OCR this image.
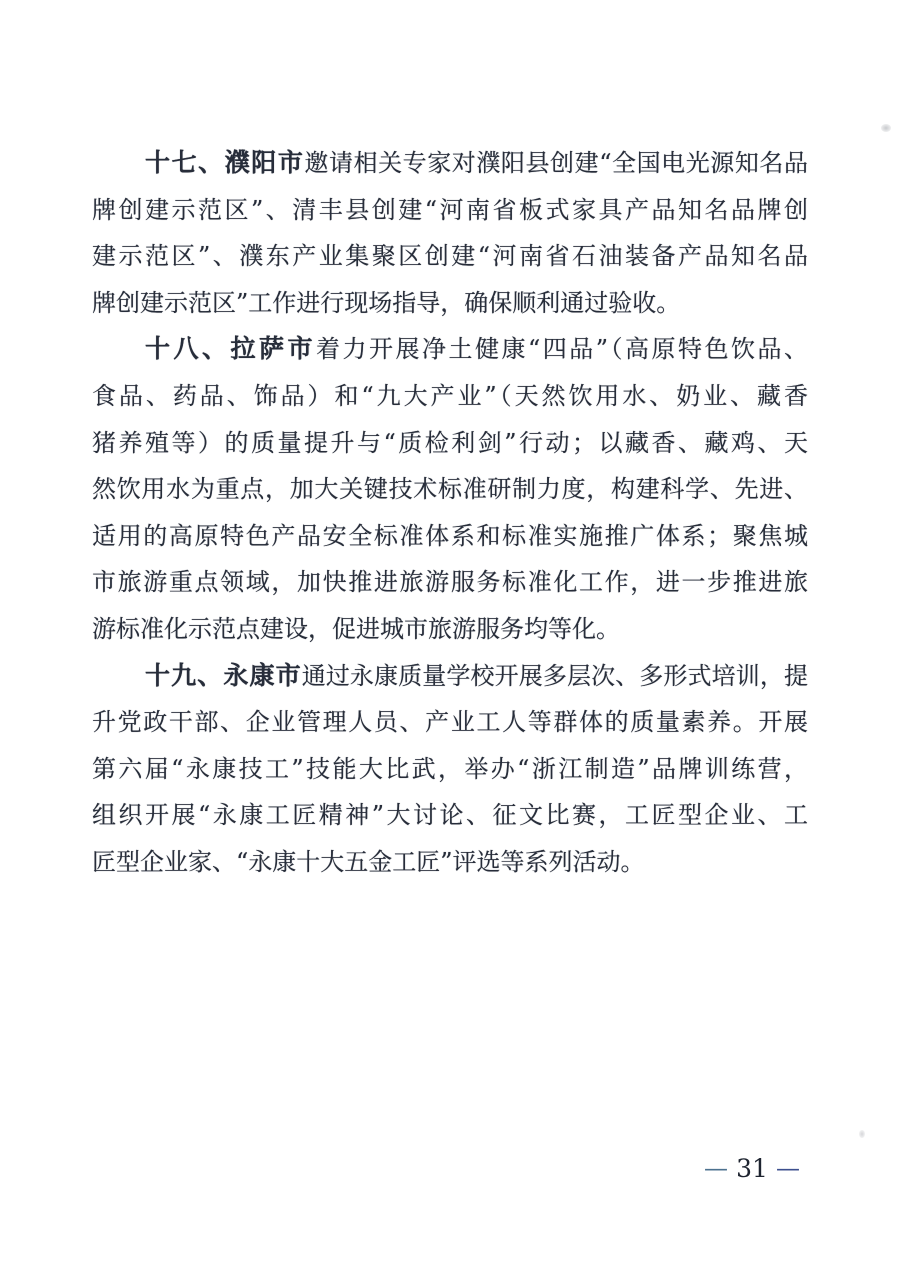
十七、濮阳市邀请相关专家对濮阳县创建“全国电光源知名品
牌创建示范区”、清丰县创建“河南省板式家具产品知名品牌创
建示范区”、濮东产业集聚区创建“河南省石油装备产品知名品
牌创建示范区”工作进行现场指导，确保顺利通过验收。
十八、拉萨市着力开展净土健康“四品”（高原特色饮品、
食品、药品、饰品）和“九大产业”（天然饮用水、奶业、藏香
猪养殖等）的质量提升与“质检利剑”行动；以藏香、藏鸡、天
然饮用水为重点，加大关键技术标准研制力度，构建科学、先进、
适用的高原特色产品安全标准体系和标准实施推广体系；聚焦城
市旅游重点领域，加快推进旅游服务标准化工作，进一步推进旅
游标准化示范点建设，促进城市旅游服务均等化。
十九、永康市通过永康质量学校开展多层次、多形式培训，提
升党政干部、企业管理人员、产业工人等群体的质量素养。开展
第六届“永康技工”技能大比武，举办“浙江制造”品牌训练营，
组织开展“永康工匠精神”大讨论、征文比赛，工匠型企业、工
匠型企业家、“永康十大五金工匠”评选等系列活动。
— 31 —
